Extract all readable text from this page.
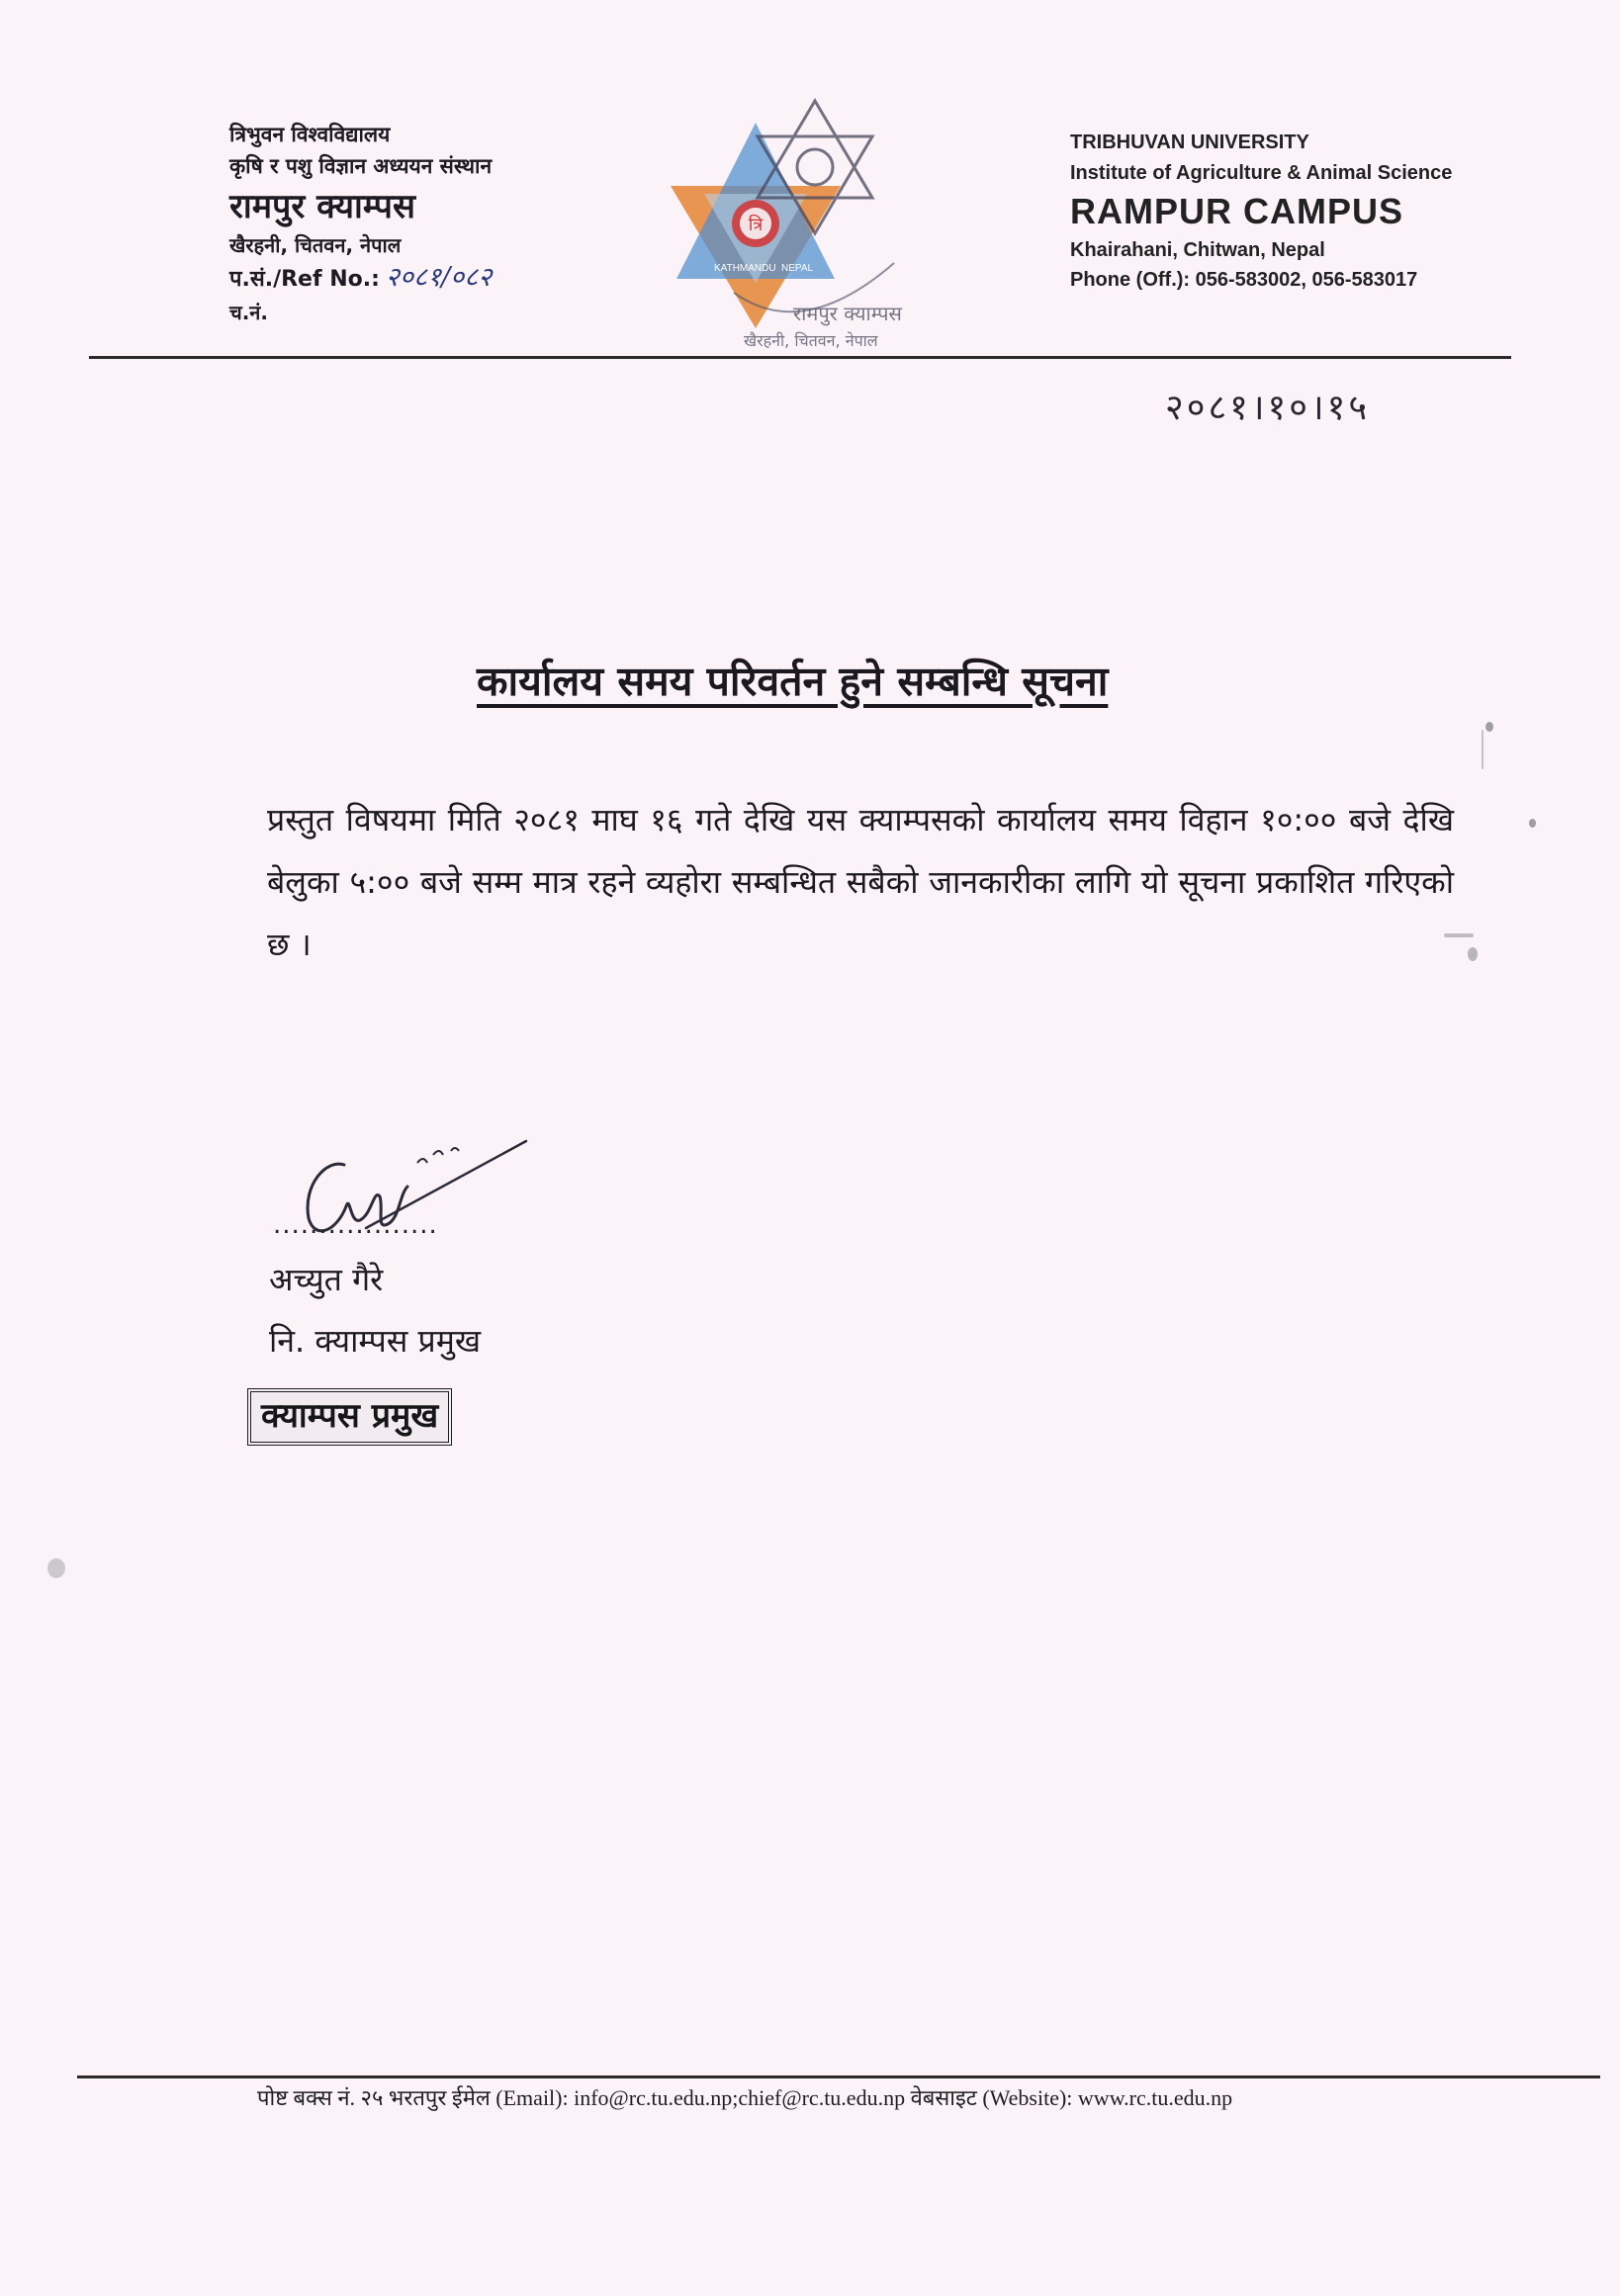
त्रिभुवन विश्वविद्यालय
कृषि र पशु विज्ञान अध्ययन संस्थान
रामपुर क्याम्पस
खैरहनी, चितवन, नेपाल
प.सं./Ref No.: २०८१/०८२
च.नं.
त्रि
KATHMANDU NEPAL
रामपुर क्याम्पस
खैरहनी, चितवन, नेपाल
TRIBHUVAN UNIVERSITY
Institute of Agriculture & Animal Science
RAMPUR CAMPUS
Khairahani, Chitwan, Nepal
Phone (Off.): 056-583002, 056-583017
२०८१।१०।१५
कार्यालय समय परिवर्तन हुने सम्बन्धि सूचना
प्रस्तुत विषयमा मिति २०८१ माघ १६ गते देखि यस क्याम्पसको कार्यालय समय विहान १०:०० बजे देखि बेलुका ५:०० बजे सम्म मात्र रहने व्यहोरा सम्बन्धित सबैको जानकारीका लागि यो सूचना प्रकाशित गरिएको छ ।
..................
अच्युत गैरे
नि. क्याम्पस प्रमुख
क्याम्पस प्रमुख
पोष्ट बक्स नं. २५ भरतपुर ईमेल (Email): info@rc.tu.edu.np;chief@rc.tu.edu.np वेबसाइट (Website): www.rc.tu.edu.np
